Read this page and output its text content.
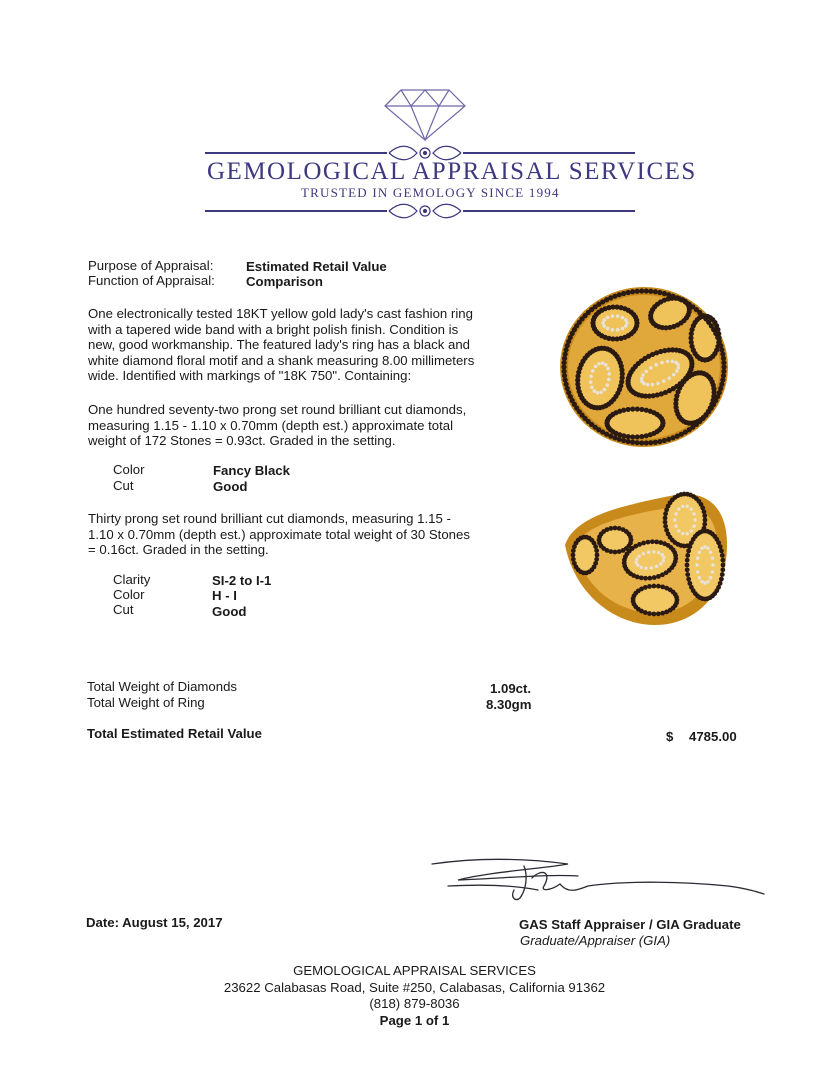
GEMOLOGICAL APPRAISAL SERVICES
TRUSTED IN GEMOLOGY SINCE 1994
Purpose of Appraisal: Estimated Retail Value
Function of Appraisal: Comparison
One electronically tested 18KT yellow gold lady's cast fashion ring
with a tapered wide band with a bright polish finish. Condition is
new, good workmanship. The featured lady's ring has a black and
white diamond floral motif and a shank measuring 8.00 millimeters
wide. Identified with markings of "18K 750". Containing:
One hundred seventy-two prong set round brilliant cut diamonds,
measuring 1.15 - 1.10 x 0.70mm (depth est.) approximate total
weight of 172 Stones = 0.93ct. Graded in the setting.
Color	Fancy Black
Cut	Good
Thirty prong set round brilliant cut diamonds, measuring 1.15 -
1.10 x 0.70mm (depth est.) approximate total weight of 30 Stones
= 0.16ct. Graded in the setting.
Clarity	SI-2 to I-1
Color	H - I
Cut	Good
Total Weight of Diamonds	1.09ct.
Total Weight of Ring	8.30gm
Total Estimated Retail Value	$ 4785.00
Date: August 15, 2017	GAS Staff Appraiser / GIA Graduate
Graduate/Appraiser (GIA)
GEMOLOGICAL APPRAISAL SERVICES
23622 Calabasas Road, Suite #250, Calabasas, California 91362
(818) 879-8036
Page 1 of 1
